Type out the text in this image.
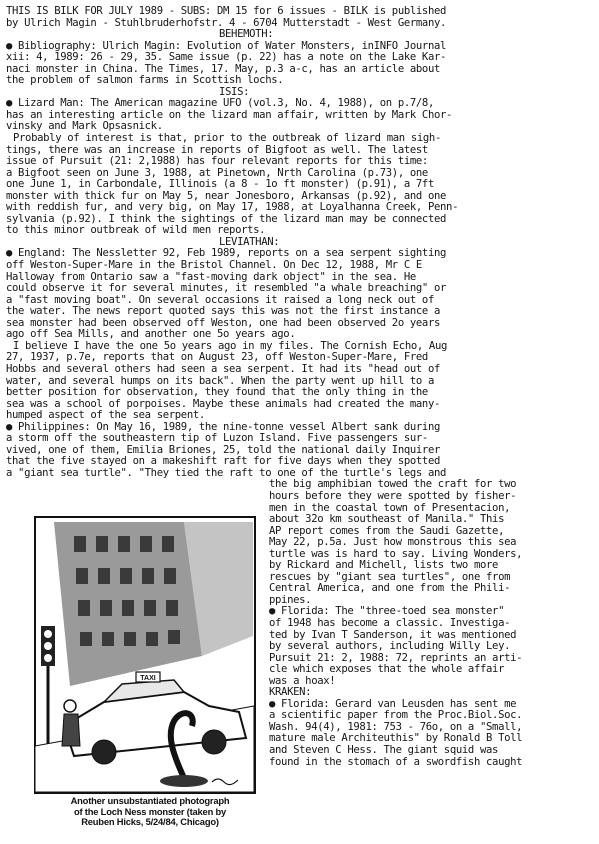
THIS IS BILK FOR JULY 1989 - SUBS: DM 15 for 6 issues - BILK is published
by Ulrich Magin - Stuhlbruderhofstr. 4 - 6704 Mutterstadt - West Germany.
BEHEMOTH:
● Bibliography: Ulrich Magin: Evolution of Water Monsters, inINFO Journal
xii: 4, 1989: 26 - 29, 35. Same issue (p. 22) has a note on the Lake Kar-
naci monster in China. The Times, 17. May, p.3 a-c, has an article about
the problem of salmon farms in Scottish lochs.
ISIS:
● Lizard Man: The American magazine UFO (vol.3, No. 4, 1988), on p.7/8,
has an interesting article on the lizard man affair, written by Mark Chor-
vinsky and Mark Opsasnick.
Probably of interest is that, prior to the outbreak of lizard man sigh-
tings, there was an increase in reports of Bigfoot as well. The latest
issue of Pursuit (21: 2,1988) has four relevant reports for this time:
a Bigfoot seen on June 3, 1988, at Pinetown, Nrth Carolina (p.73), one
one June 1, in Carbondale, Illinois (a 8 - 1o ft monster) (p.91), a 7ft
monster with thick fur on May 5, near Jonesboro, Arkansas (p.92), and one
with reddish fur, and very big, on May 17, 1988, at Loyalhanna Creek, Penn-
sylvania (p.92). I think the sightings of the lizard man may be connected
to this minor outbreak of wild men reports.
LEVIATHAN:
● England: The Nessletter 92, Feb 1989, reports on a sea serpent sighting
off Weston-Super-Mare in the Bristol Channel. On Dec 12, 1988, Mr C E
Halloway from Ontario saw a "fast-moving dark object" in the sea. He
could observe it for several minutes, it resembled "a whale breaching" or
a "fast moving boat". On several occasions it raised a long neck out of
the water. The news report quoted says this was not the first instance a
sea monster had been observed off Weston, one had been observed 2o years
ago off Sea Mills, and another one 5o years ago.
I believe I have the one 5o years ago in my files. The Cornish Echo, Aug
27, 1937, p.7e, reports that on August 23, off Weston-Super-Mare, Fred
Hobbs and several others had seen a sea serpent. It had its "head out of
water, and several humps on its back". When the party went up hill to a
better position for observation, they found that the only thing in the
sea was a school of porpoises. Maybe these animals had created the many-
humped aspect of the sea serpent.
● Philippines: On May 16, 1989, the nine-tonne vessel Albert sank during
a storm off the southeastern tip of Luzon Island. Five passengers sur-
vived, one of them, Emilia Briones, 25, told the national daily Inquirer
that the five stayed on a makeshift raft for five days when they spotted
a "giant sea turtle". "They tied the raft to one of the turtle's legs and
the big amphibian towed the craft for two
hours before they were spotted by fisher-
men in the coastal town of Presentacion,
about 32o km southeast of Manila." This
AP report comes from the Saudi Gazette,
May 22, p.5a. Just how monstrous this sea
turtle was is hard to say. Living Wonders,
by Rickard and Michell, lists two more
rescues by "giant sea turtles", one from
Central America, and one from the Phili-
ppines.
● Florida: The "three-toed sea monster"
of 1948 has become a classic. Investiga-
ted by Ivan T Sanderson, it was mentioned
by several authors, including Willy Ley.
Pursuit 21: 2, 1988: 72, reprints an arti-
cle which exposes that the whole affair
was a hoax!
KRAKEN:
● Florida: Gerard van Leusden has sent me
a scientific paper from the Proc.Biol.Soc.
Wash. 94(4), 1981: 753 - 76o, on a "Small,
mature male Architeuthis" by Ronald B Toll
and Steven C Hess. The giant squid was
found in the stomach of a swordfish caught
TAXI
Another unsubstantiated photograph
of the Loch Ness monster (taken by
Reuben Hicks, 5/24/84, Chicago)
